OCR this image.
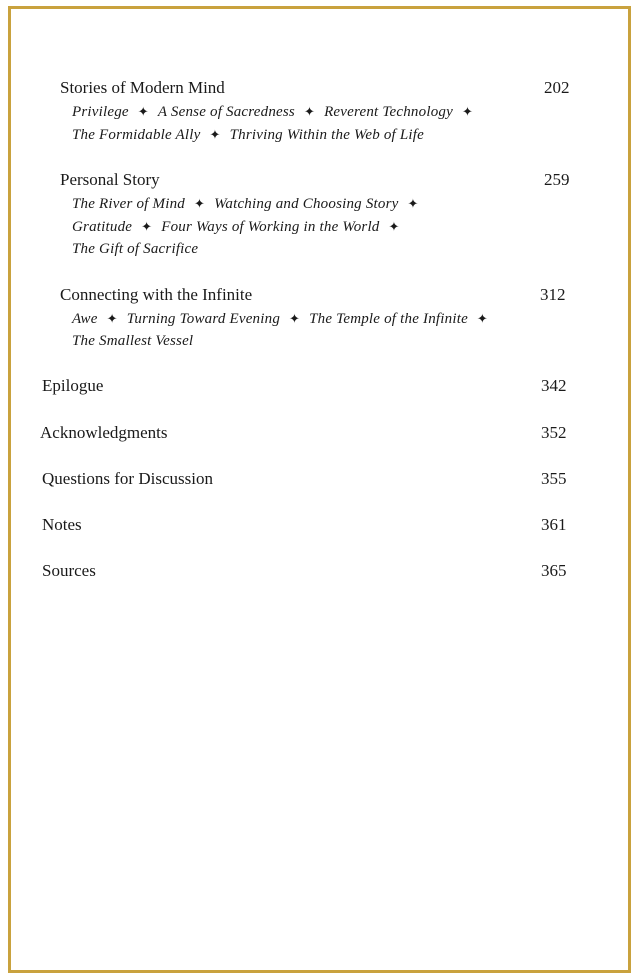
Stories of Modern Mind	202
Privilege ✦ A Sense of Sacredness ✦ Reverent Technology ✦
The Formidable Ally ✦ Thriving Within the Web of Life
Personal Story	259
The River of Mind ✦ Watching and Choosing Story ✦
Gratitude ✦ Four Ways of Working in the World ✦
The Gift of Sacrifice
Connecting with the Infinite	312
Awe ✦ Turning Toward Evening ✦ The Temple of the Infinite ✦
The Smallest Vessel
Epilogue	342
Acknowledgments	352
Questions for Discussion	355
Notes	361
Sources	365
